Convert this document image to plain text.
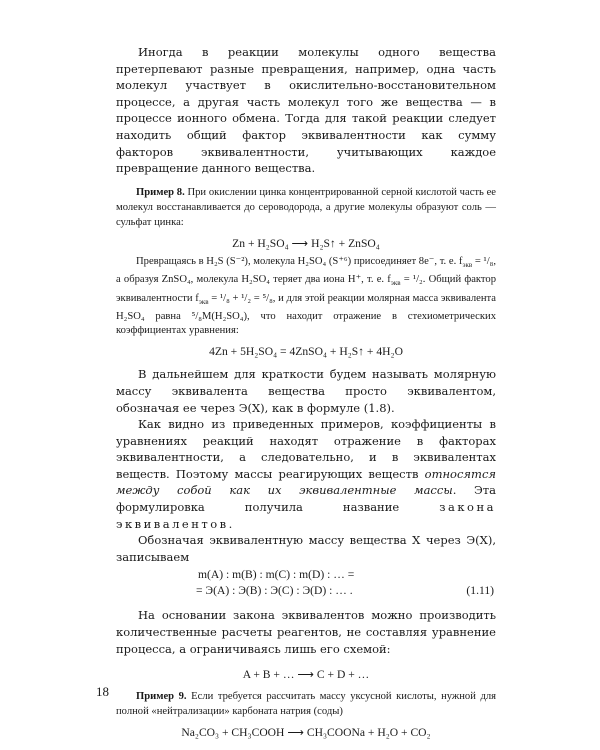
Иногда в реакции молекулы одного вещества претерпевают разные превращения, например, одна часть молекул участвует в окислительно-восстановительном процессе, а другая часть молекул того же вещества — в процессе ионного обмена. Тогда для такой реакции следует находить общий фактор эквивалентности как сумму факторов эквивалентности, учитывающих каждое превращение данного вещества.

Пример 8. При окислении цинка концентрированной серной кислотой часть ее молекул восстанавливается до сероводорода, а другие молекулы образуют соль — сульфат цинка:

Zn + H₂SO₄ ⟶ H₂S↑ + ZnSO₄

Превращаясь в H₂S (S⁻²), молекула H₂SO₄ (S⁺⁶) присоединяет 8e⁻, т. е. $f_{экв} = ^1/_8$, а образуя ZnSO₄, молекула H₂SO₄ теряет два иона H⁺, т. е. $f_{экв} = ^1/_2$. Общий фактор эквивалентности $f_{экв} = ^1/_8 + ^1/_2 = ^5/_8$, и для этой реакции молярная масса эквивалента H₂SO₄ равна ⁵/₈M(H₂SO₄), что находит отражение в стехиометрических коэффициентах уравнения:

4Zn + 5H₂SO₄ = 4ZnSO₄ + H₂S↑ + 4H₂O

В дальнейшем для краткости будем называть молярную массу эквивалента вещества просто эквивалентом, обозначая ее через Э(X), как в формуле (1.8).

Как видно из приведенных примеров, коэффициенты в уравнениях реакций находят отражение в факторах эквивалентности, а следовательно, и в эквивалентах веществ. Поэтому массы реагирующих веществ относятся между собой как их эквивалентные массы. Эта формулировка получила название закона эквивалентов.

Обозначая эквивалентную массу вещества X через Э(X), записываем

m(A) : m(B) : m(C) : m(D) : … =
= Э(A) : Э(B) : Э(C) : Э(D) : … .	(1.11)

На основании закона эквивалентов можно производить количественные расчеты реагентов, не составляя уравнение процесса, а ограничиваясь лишь его схемой:

A + B + … ⟶ C + D + …

Пример 9. Если требуется рассчитать массу уксусной кислоты, нужной для полной «нейтрализации» карбоната натрия (соды)

Na₂CO₃ + CH₃COOH ⟶ CH₃COONa + H₂O + CO₂

18
